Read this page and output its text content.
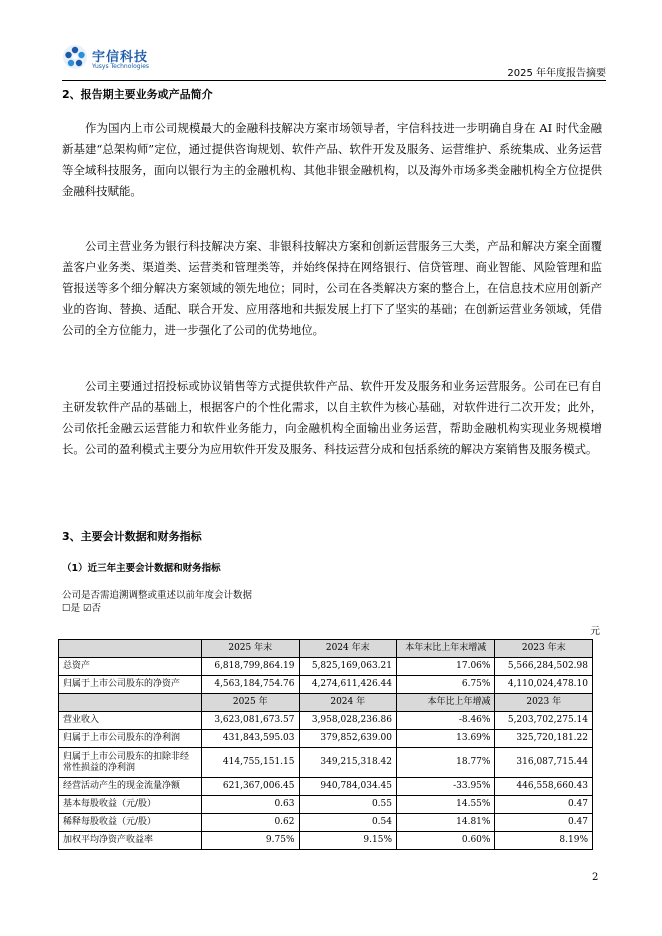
宇信科技
Yusys Technologies
2025 年年度报告摘要
2、报告期主要业务或产品简介
作为国内上市公司规模最大的金融科技解决方案市场领导者，宇信科技进一步明确自身在 AI 时代金融新基建“总架构师”定位，通过提供咨询规划、软件产品、软件开发及服务、运营维护、系统集成、业务运营等全域科技服务，面向以银行为主的金融机构、其他非银金融机构，以及海外市场多类金融机构全方位提供金融科技赋能。
公司主营业务为银行科技解决方案、非银科技解决方案和创新运营服务三大类，产品和解决方案全面覆盖客户业务类、渠道类、运营类和管理类等，并始终保持在网络银行、信贷管理、商业智能、风险管理和监管报送等多个细分解决方案领域的领先地位；同时，公司在各类解决方案的整合上，在信息技术应用创新产业的咨询、替换、适配、联合开发、应用落地和共振发展上打下了坚实的基础；在创新运营业务领域，凭借公司的全方位能力，进一步强化了公司的优势地位。
公司主要通过招投标或协议销售等方式提供软件产品、软件开发及服务和业务运营服务。公司在已有自主研发软件产品的基础上，根据客户的个性化需求，以自主软件为核心基础，对软件进行二次开发；此外，公司依托金融云运营能力和软件业务能力，向金融机构全面输出业务运营，帮助金融机构实现业务规模增长。公司的盈利模式主要分为应用软件开发及服务、科技运营分成和包括系统的解决方案销售及服务模式。
3、主要会计数据和财务指标
（1）近三年主要会计数据和财务指标
公司是否需追溯调整或重述以前年度会计数据
☐是 ☑否
元
	2025 年末	2024 年末	本年末比上年末增减	2023 年末
总资产	6,818,799,864.19	5,825,169,063.21	17.06%	5,566,284,502.98
归属于上市公司股东的净资产	4,563,184,754.76	4,274,611,426.44	6.75%	4,110,024,478.10
	2025 年	2024 年	本年比上年增减	2023 年
营业收入	3,623,081,673.57	3,958,028,236.86	-8.46%	5,203,702,275.14
归属于上市公司股东的净利润	431,843,595.03	379,852,639.00	13.69%	325,720,181.22
归属于上市公司股东的扣除非经常性损益的净利润	414,755,151.15	349,215,318.42	18.77%	316,087,715.44
经营活动产生的现金流量净额	621,367,006.45	940,784,034.45	-33.95%	446,558,660.43
基本每股收益（元/股）	0.63	0.55	14.55%	0.47
稀释每股收益（元/股）	0.62	0.54	14.81%	0.47
加权平均净资产收益率	9.75%	9.15%	0.60%	8.19%
2
